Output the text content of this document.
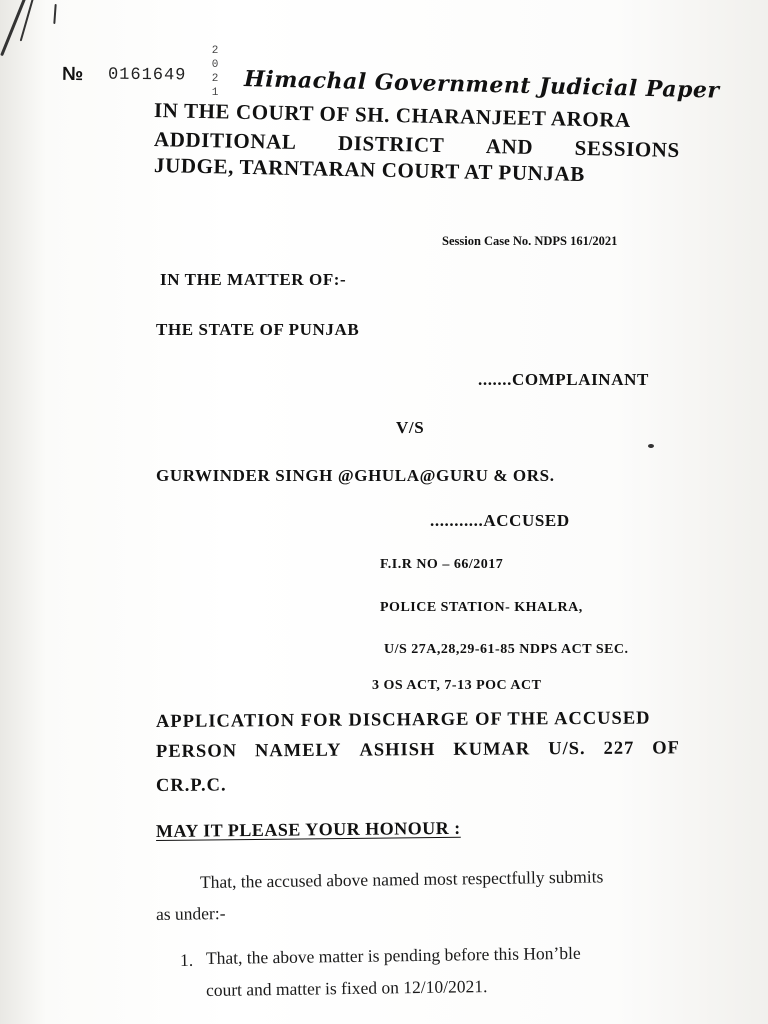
№ 0161649
2 0 2 1 Himachal Government Judicial Paper
IN THE COURT OF SH. CHARANJEET ARORA
ADDITIONAL DISTRICT AND SESSIONS
JUDGE, TARNTARAN COURT AT PUNJAB
Session Case No. NDPS 161/2021
IN THE MATTER OF:-
THE STATE OF PUNJAB
.......COMPLAINANT
V/S
GURWINDER SINGH @GHULA@GURU & ORS.
...........ACCUSED
F.I.R NO – 66/2017
POLICE STATION- KHALRA,
U/S 27A,28,29-61-85 NDPS ACT SEC.
3 OS ACT, 7-13 POC ACT
APPLICATION FOR DISCHARGE OF THE ACCUSED
PERSON NAMELY ASHISH KUMAR U/S. 227 OF
CR.P.C.
MAY IT PLEASE YOUR HONOUR :
That, the accused above named most respectfully submits
as under:-
1. That, the above matter is pending before this Hon’ble
court and matter is fixed on 12/10/2021.
